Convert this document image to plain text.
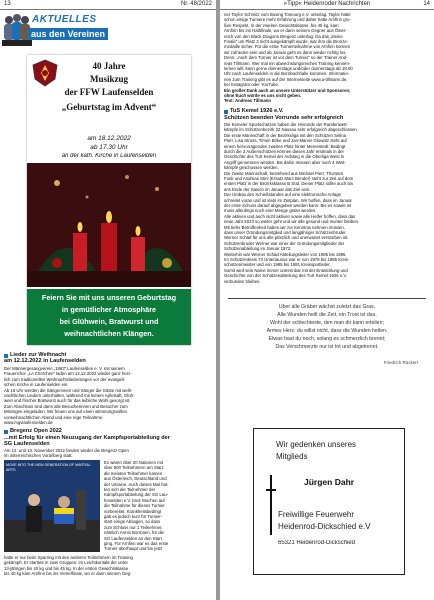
13	Nr. 48/2022
AKTUELLES
aus den Vereinen
40 Jahre
Musikzug
der FFW Laufenselden
„Geburtstag im Advent“
am 18.12.2022
ab 17.30 Uhr
an der kath. Kirche in Laufenselden
Feiern Sie mit uns unseren Geburtstag
in gemütlicher Atmosphäre
bei Glühwein, Bratwurst und
weihnachtlichen Klängen.
Lieder zur Weihnacht
am 12.12.2022 in Laufenselden
Der Männergesangverein „1863“ Laufenselden e. V. mit seinem
Frauenchor „LA Chörchen“ laden am 12.12.2022 wieder ganz herz-
lich zum traditionellen Weihnachtsliedersingen vor der evangeli-
schen Kirche in Laufenselden ein.
Ab 19 Uhr werden die Sängerinnen und Sänger die Gäste mit weih-
nachtlichen Liedern unterhalten, während mit feinem Apfelsaft, Glüh-
wein und frischer Bratwurst auch für das leibliche Wohl gesorgt ist.
Zum Abschluss sind dann alle Besucherinnen und Besucher zum
Mitsingen eingeladen. Wir freuen uns auf einen stimmungsvollen
vorweihnachtlichen Abend und eine rege Teilnahme.
www.mgvlaufenselden.de
Bregenz Open 2022
...mit Erfolg für einen Neuzugang der Kampfsportabteilung der
SG Laufenselden
Am 12. und 13. November 2022 fanden wieder die Bregenz Open
im österreichischen Vorarlberg statt.
MOVE INTO THE NEW GENERATION OF MARTIAL ARTS
Es waren über 20 Nationen mit
über 800 Teilnehmern am Start:
die meisten Teilnehmer kamen
aus Österreich, Deutschland und
der Ukraine. Auch dieses Mal hat-
ten sich die Teilnehmer der
Kampfsportabteilung der SG Lau-
fenselden e.V. breit Wochen auf
die Teilnahme für dieses Turnier
vorbereitet. Krankheitsbedingt
gab es jedoch kurz für Turnier-
start einige Absagen, so dass
zum Schluss nur 1 Teilnehmer,
nämlich Armin Bormann, für die
SG Laufenselden an den Start
ging. Für Arnfinn war es das erste
Turnier überhaupt und bis jetzt
hatte er nur beim Sparring mit den anderen Teilnehmern im Training
gekämpft. Er startete in zwei Gruppen: im Leichtkontakt der unter
13-jährigen bis 40 kg und bis 45 kg. In der ersten Gewichtsklasse
bis 40 kg kam Arnfinn bis ins Viertelfinale, wo er dann seinem Geg-
»Tipp« Heidenroder Nachrichten	14
ner Tayfor Schmitz vom Boxing Tomourg e.V. unterlag. Taylor hatte
schon einige Turniere mehr Erfahrung und daher hatte Arnfinn gro-
ßen Respekt. In der zweiten Gewichtsklasse, bis 45 kg, kam
Arnfinn bis ins Halbfinale, wo er dann seinem Gegner aus Öster-
reich von den Black Dragons Bregenz unterlag. Da das „kleine
Finale“ um Platz 3 nicht ausgekämpft wurde, war ihm die Bronze-
medaille sicher. Für die erste Turnierteilnahme von Arnfinn können
wir zufrieden sein und ab Januar geht es dann wieder richtig los.
Denn: „nach dem Turnier ist vor dem Turnier“ so der Trainer And-
reas Tillmann. Wer mal ein abwechslungsreiches Training kennen-
lernen will, kann gerne donnerstags und/oder donnerstags ab 18.00
Uhr nach Laufenselden in die Bornbachhalle kommen. Informatio-
nen zum Training gibt es auf der Internetseite www.a-tillmann.de,
bei Instagram oder YouTube.
Ein großer Dank auch an unsere Unterstützer und Sponsoren;
ohne Euch würde es uns nicht geben.
Text: Andreas Tillmann
TuS Kemel 1926 e.V.
Schützen beenden Vorrunde sehr erfolgreich
Die Kemeler Sportschützen haben die Hinrunde der Rundenwett-
kämpfe im Schützenbezirk 22 Nassau sehr erfolgreich abgeschlossen.
Die erste Mannschaft in der Bezirksliga mit den Schützen Selina
Pierr, Lisa Struss, Timon Birke und Jan-Marvin Glowatz steht auf
einem hervorragenden zweiten Platz hinter Merenstedt. Bedingt
durch die 3 Außenschützen können dieses Jahr erstmals in der
Geschichte des TuS Kemel der Aufstieg in die Oberliga West in
Angriff genommen werden. Bis dahin müssen aber noch 4 Wett-
kämpfe geschossen werden.
Die zweite Mannschaft, bestehend aus Michael Pierr, Thorsten
Funk und Andreas Stini (Ersatz Marc Bender) steht zur Zeit auf dem
ersten Platz in der Bezirksklasse B Süd. Dieser Platz sollte auch bis
ans Ende der Saison im Januar das Ziel sein.
Der Umbau des Schießstandes auf eine elektronische Anlage
schreitet voran und ist stets im Zeitplan. Wir hoffen, dass im Januar
der erste Schuss darauf abgegeben werden kann. Bis es soweit ist
muss allerdings noch eine Menge getan werden.
Alle aktiven und auch nicht aktiven sowie alle Helfer hoffen, dass das
neue Jahr 2023 so weiter geht und wir alle gesund und munter bleiben.
Mit tiefer Betroffenheit haben wir zur Kenntnis nehmen müssen,
dass unser Gründungsmitglied und langjähriger Schützenbruder
Werner Schäd für uns alle plötzlich und unerwartet verstorben ist.
Schützenbruder Werner war einer der Gründungsmitglieder der
Schützenabteilung im Januar 1972.
Weiterhin war Werner Schad Abteilungsleiter von 1985 bis 1986.
Im Schützenkreis 73 Untertaunus war er von 1979 bis 1985 Kreis-
schützenmeister und von 1985 bis 1991 Kreissportleiter.
Somit wird sein Name immer untrennbar mit der Entwicklung und
Geschichte von der Schützenabteilung des TuS Kemel 1926 e.V.
verbunden bleiben.
Über alle Gräber wächst zuletzt das Gras,
Alle Wunden heilt die Zeit, ein Trost ist das,
Wohl der schlechteste, den man dir kann erteilen;
Armes Herz, du willst nicht, dass die Wunden heilen.
Etwas hast du noch, solang es schmerzlich brennt;
Das Verschmerzte nur ist tot und abgetrennt.
Friedrich Rückert
Wir gedenken unseres
Mitglieds
Jürgen Dahr
Freiwillige Feuerwehr
Heidenrod-Dickschied e.V
65321 Heidenrod-Dickschied
